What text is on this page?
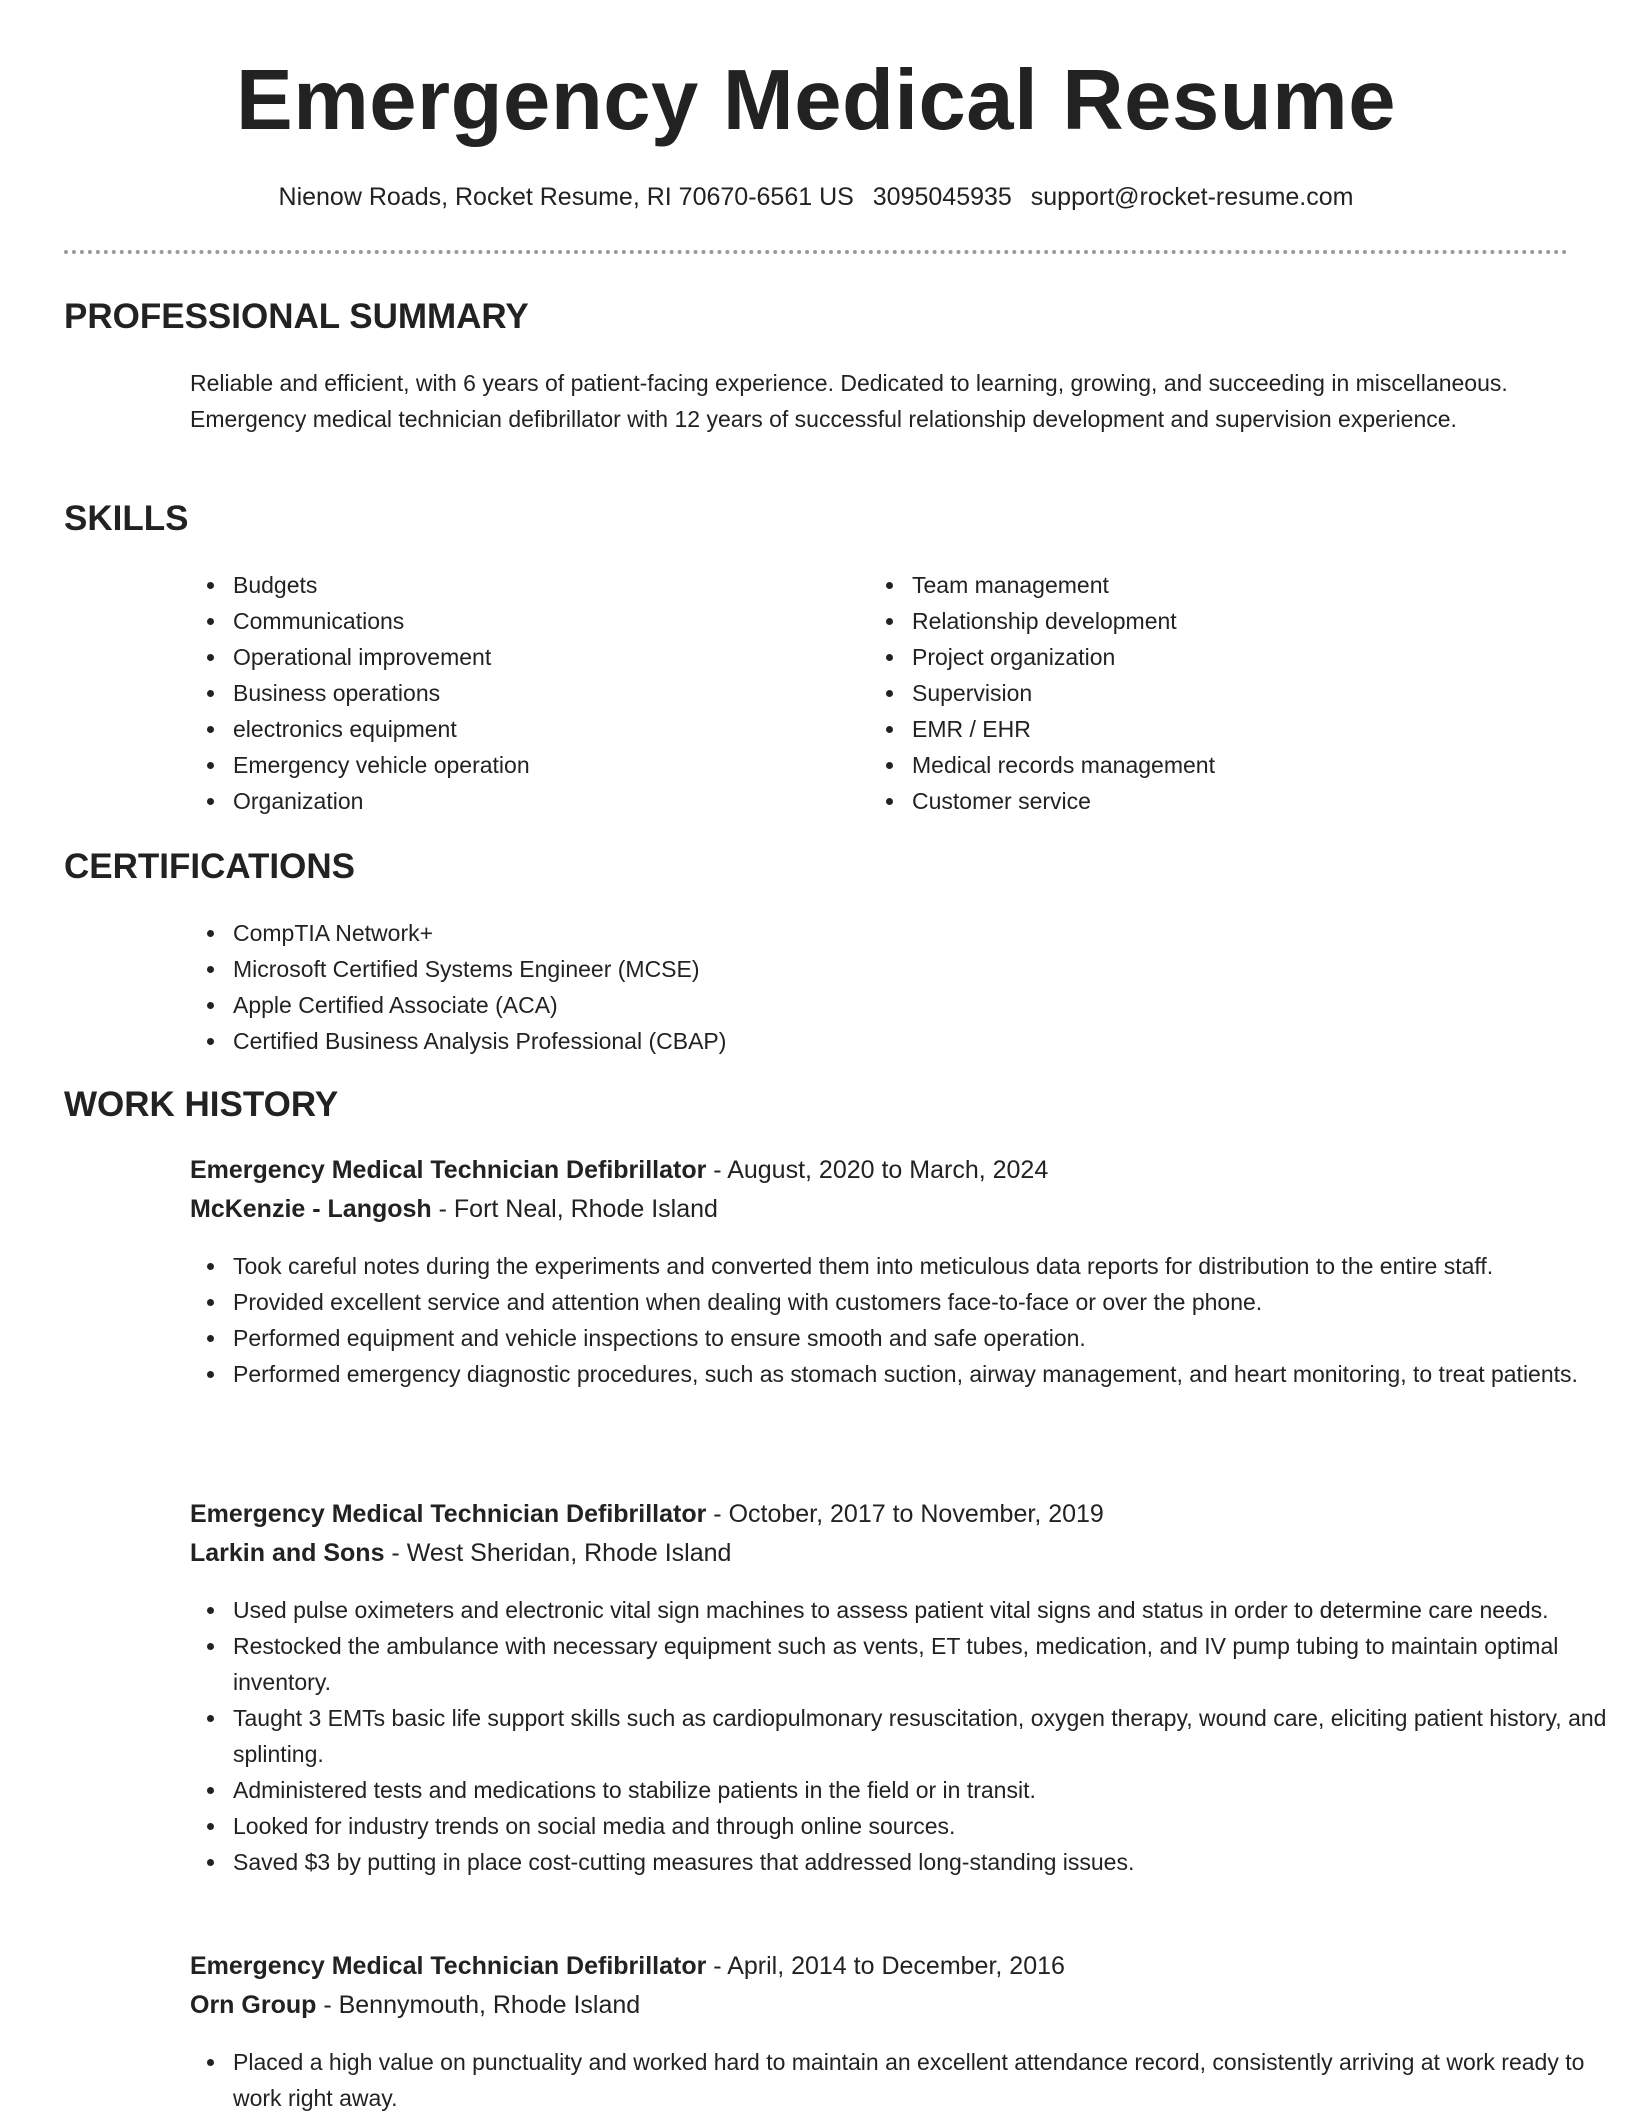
Emergency Medical Resume
Nienow Roads, Rocket Resume, RI 70670-6561 US 3095045935 support@rocket-resume.com
PROFESSIONAL SUMMARY
Reliable and efficient, with 6 years of patient-facing experience. Dedicated to learning, growing, and succeeding in miscellaneous. Emergency medical technician defibrillator with 12 years of successful relationship development and supervision experience.
SKILLS
Budgets
Communications
Operational improvement
Business operations
electronics equipment
Emergency vehicle operation
Organization
Team management
Relationship development
Project organization
Supervision
EMR / EHR
Medical records management
Customer service
CERTIFICATIONS
CompTIA Network+
Microsoft Certified Systems Engineer (MCSE)
Apple Certified Associate (ACA)
Certified Business Analysis Professional (CBAP)
WORK HISTORY
Emergency Medical Technician Defibrillator - August, 2020 to March, 2024
McKenzie - Langosh - Fort Neal, Rhode Island
Took careful notes during the experiments and converted them into meticulous data reports for distribution to the entire staff.
Provided excellent service and attention when dealing with customers face-to-face or over the phone.
Performed equipment and vehicle inspections to ensure smooth and safe operation.
Performed emergency diagnostic procedures, such as stomach suction, airway management, and heart monitoring, to treat patients.
Emergency Medical Technician Defibrillator - October, 2017 to November, 2019
Larkin and Sons - West Sheridan, Rhode Island
Used pulse oximeters and electronic vital sign machines to assess patient vital signs and status in order to determine care needs.
Restocked the ambulance with necessary equipment such as vents, ET tubes, medication, and IV pump tubing to maintain optimal inventory.
Taught 3 EMTs basic life support skills such as cardiopulmonary resuscitation, oxygen therapy, wound care, eliciting patient history, and splinting.
Administered tests and medications to stabilize patients in the field or in transit.
Looked for industry trends on social media and through online sources.
Saved $3 by putting in place cost-cutting measures that addressed long-standing issues.
Emergency Medical Technician Defibrillator - April, 2014 to December, 2016
Orn Group - Bennymouth, Rhode Island
Placed a high value on punctuality and worked hard to maintain an excellent attendance record, consistently arriving at work ready to work right away.
